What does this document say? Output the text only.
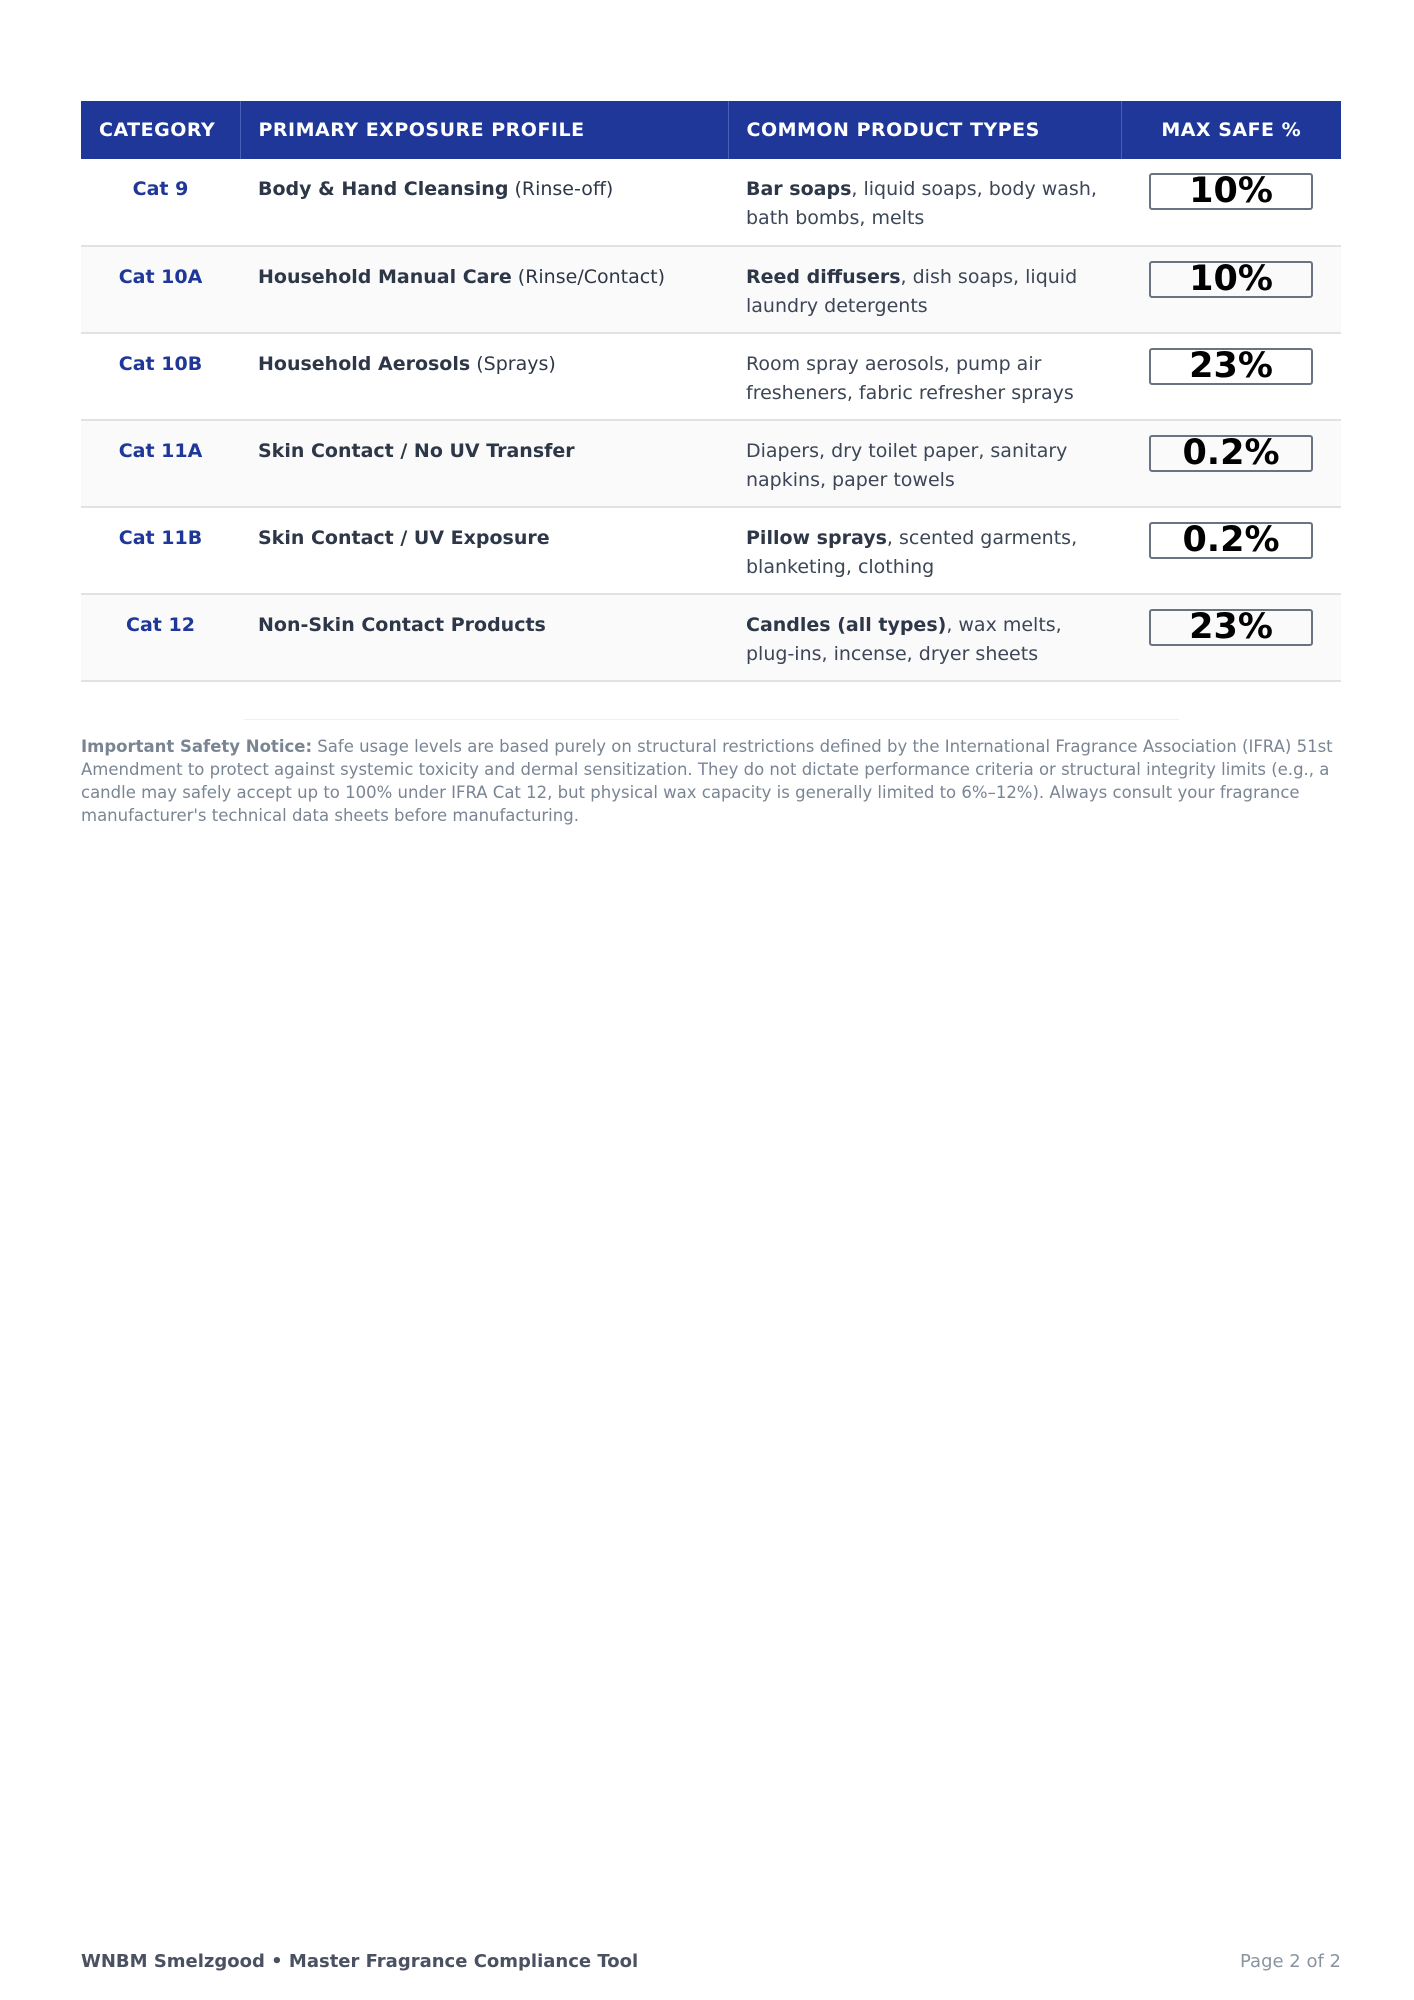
CATEGORY	PRIMARY EXPOSURE PROFILE	COMMON PRODUCT TYPES	MAX SAFE %
Cat 9	Body & Hand Cleansing (Rinse-off)	Bar soaps, liquid soaps, body wash, bath bombs, melts	10%
Cat 10A	Household Manual Care (Rinse/Contact)	Reed diffusers, dish soaps, liquid laundry detergents	10%
Cat 10B	Household Aerosols (Sprays)	Room spray aerosols, pump air fresheners, fabric refresher sprays	23%
Cat 11A	Skin Contact / No UV Transfer	Diapers, dry toilet paper, sanitary napkins, paper towels	0.2%
Cat 11B	Skin Contact / UV Exposure	Pillow sprays, scented garments, blanketing, clothing	0.2%
Cat 12	Non-Skin Contact Products	Candles (all types), wax melts, plug-ins, incense, dryer sheets	23%

Important Safety Notice: Safe usage levels are based purely on structural restrictions defined by the International Fragrance Association (IFRA) 51st Amendment to protect against systemic toxicity and dermal sensitization. They do not dictate performance criteria or structural integrity limits (e.g., a candle may safely accept up to 100% under IFRA Cat 12, but physical wax capacity is generally limited to 6%–12%). Always consult your fragrance manufacturer's technical data sheets before manufacturing.

WNBM Smelzgood • Master Fragrance Compliance Tool	Page 2 of 2
